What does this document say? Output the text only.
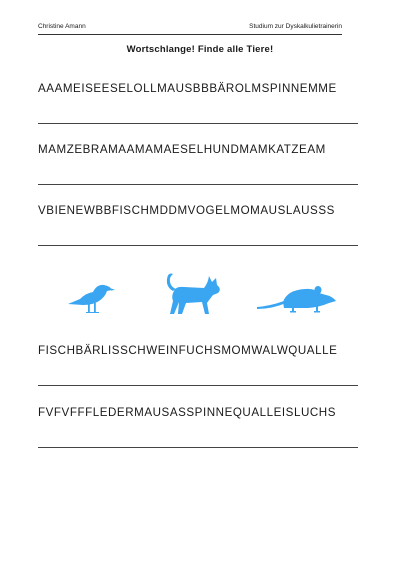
Christine Amann	Studium zur Dyskalkulietrainerin
Wortschlange! Finde alle Tiere!
AAAMEISEESELOLLMAUSBBBÄROLMSPINNEMME
MAMZEBRAMAAMAMAESELHUNDMAMKATZEAM
VBIENEWBBFISCHMDDMVOGELMOMAUSLAUSSS
FISCHBÄRLISSCHWEINFUCHSMOMWALWQUALLE
FVFVFFFLEDERMAUSASSPINNEQUALLEISLUCHS
